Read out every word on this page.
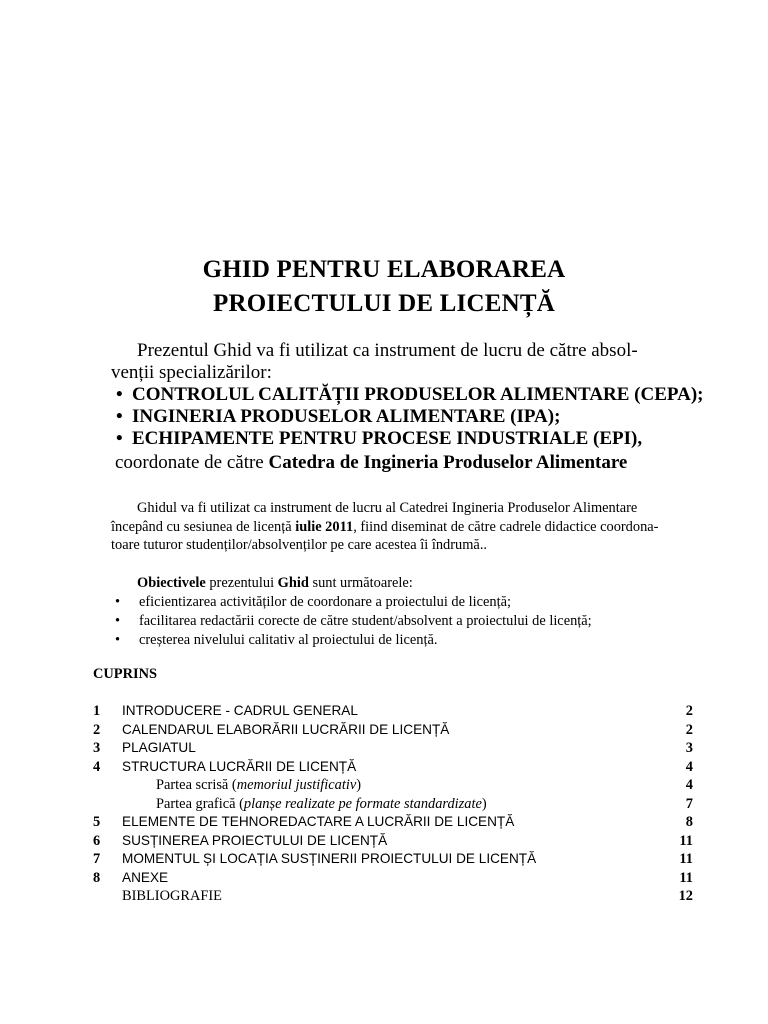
GHID PENTRU ELABORAREA
PROIECTULUI DE LICENȚĂ
Prezentul Ghid va fi utilizat ca instrument de lucru de către absol-
venții specializărilor:
• CONTROLUL CALITĂȚII PRODUSELOR ALIMENTARE (CEPA);
• INGINERIA PRODUSELOR ALIMENTARE (IPA);
• ECHIPAMENTE PENTRU PROCESE INDUSTRIALE (EPI),
coordonate de către Catedra de Ingineria Produselor Alimentare
Ghidul va fi utilizat ca instrument de lucru al Catedrei Ingineria Produselor Alimentare
începând cu sesiunea de licență iulie 2011, fiind diseminat de către cadrele didactice coordona-
toare tuturor studenților/absolvenților pe care acestea îi îndrumă..
Obiectivele prezentului Ghid sunt următoarele:
• eficientizarea activităților de coordonare a proiectului de licență;
• facilitarea redactării corecte de către student/absolvent a proiectului de licență;
• creșterea nivelului calitativ al proiectului de licență.
CUPRINS
1 INTRODUCERE - CADRUL GENERAL	2
2 CALENDARUL ELABORĂRII LUCRĂRII DE LICENȚĂ	2
3 PLAGIATUL	3
4 STRUCTURA LUCRĂRII DE LICENȚĂ	4
Partea scrisă (memoriul justificativ)	4
Partea grafică (planșe realizate pe formate standardizate)	7
5 ELEMENTE DE TEHNOREDACTARE A LUCRĂRII DE LICENȚĂ	8
6 SUSȚINEREA PROIECTULUI DE LICENȚĂ	11
7 MOMENTUL ȘI LOCAȚIA SUSȚINERII PROIECTULUI DE LICENȚĂ	11
8 ANEXE	11
BIBLIOGRAFIE	12
